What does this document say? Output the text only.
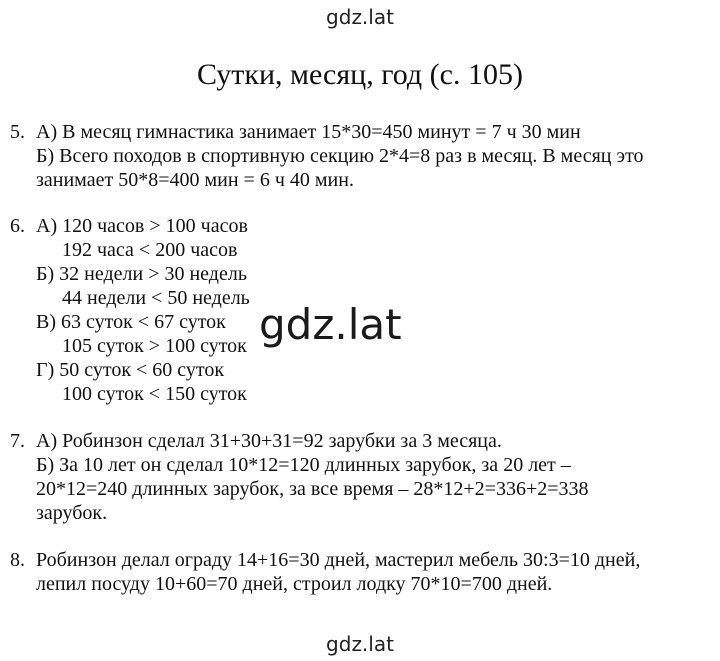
gdz.lat
Сутки, месяц, год (с. 105)
5. А) В месяц гимнастика занимает 15*30=450 минут = 7 ч 30 мин
Б) Всего походов в спортивную секцию 2*4=8 раз в месяц. В месяц это
занимает 50*8=400 мин = 6 ч 40 мин.
6. А) 120 часов > 100 часов
192 часа < 200 часов
Б) 32 недели > 30 недель
44 недели < 50 недель
В) 63 суток < 67 суток
105 суток > 100 суток
Г) 50 суток < 60 суток
100 суток < 150 суток
7. А) Робинзон сделал 31+30+31=92 зарубки за 3 месяца.
Б) За 10 лет он сделал 10*12=120 длинных зарубок, за 20 лет –
20*12=240 длинных зарубок, за все время – 28*12+2=336+2=338
зарубок.
8. Робинзон делал ограду 14+16=30 дней, мастерил мебель 30:3=10 дней,
лепил посуду 10+60=70 дней, строил лодку 70*10=700 дней.
gdz.lat
gdz.lat
